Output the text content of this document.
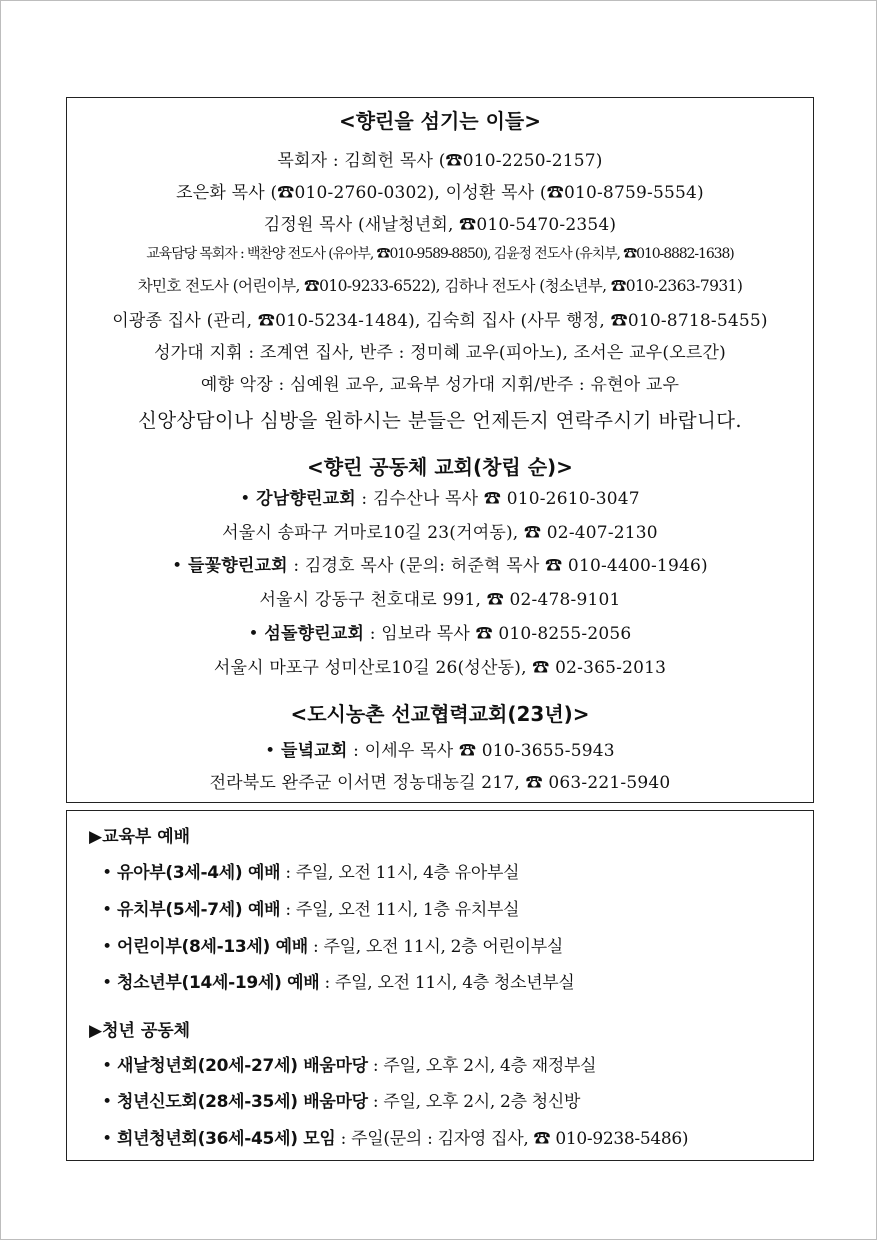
<향린을 섬기는 이들>
목회자 : 김희헌 목사 (☎010-2250-2157)
조은화 목사 (☎010-2760-0302), 이성환 목사 (☎010-8759-5554)
김정원 목사 (새날청년회, ☎010-5470-2354)
교육담당 목회자 : 백찬양 전도사 (유아부, ☎010-9589-8850), 김윤정 전도사 (유치부, ☎010-8882-1638)
차민호 전도사 (어린이부, ☎010-9233-6522), 김하나 전도사 (청소년부, ☎010-2363-7931)
이광종 집사 (관리, ☎010-5234-1484), 김숙희 집사 (사무 행정, ☎010-8718-5455)
성가대 지휘 : 조계연 집사, 반주 : 정미혜 교우(피아노), 조서은 교우(오르간)
예향 악장 : 심예원 교우, 교육부 성가대 지휘/반주 : 유현아 교우
신앙상담이나 심방을 원하시는 분들은 언제든지 연락주시기 바랍니다.
<향린 공동체 교회(창립 순)>
• 강남향린교회 : 김수산나 목사 ☎ 010-2610-3047
서울시 송파구 거마로10길 23(거여동), ☎ 02-407-2130
• 들꽃향린교회 : 김경호 목사 (문의: 허준혁 목사 ☎ 010-4400-1946)
서울시 강동구 천호대로 991, ☎ 02-478-9101
• 섬돌향린교회 : 임보라 목사 ☎ 010-8255-2056
서울시 마포구 성미산로10길 26(성산동), ☎ 02-365-2013
<도시농촌 선교협력교회(23년)>
• 들녘교회 : 이세우 목사 ☎ 010-3655-5943
전라북도 완주군 이서면 정농대농길 217, ☎ 063-221-5940
▶교육부 예배
• 유아부(3세-4세) 예배 : 주일, 오전 11시, 4층 유아부실
• 유치부(5세-7세) 예배 : 주일, 오전 11시, 1층 유치부실
• 어린이부(8세-13세) 예배 : 주일, 오전 11시, 2층 어린이부실
• 청소년부(14세-19세) 예배 : 주일, 오전 11시, 4층 청소년부실
▶청년 공동체
• 새날청년회(20세-27세) 배움마당 : 주일, 오후 2시, 4층 재정부실
• 청년신도회(28세-35세) 배움마당 : 주일, 오후 2시, 2층 청신방
• 희년청년회(36세-45세) 모임 : 주일(문의 : 김자영 집사, ☎ 010-9238-5486)
